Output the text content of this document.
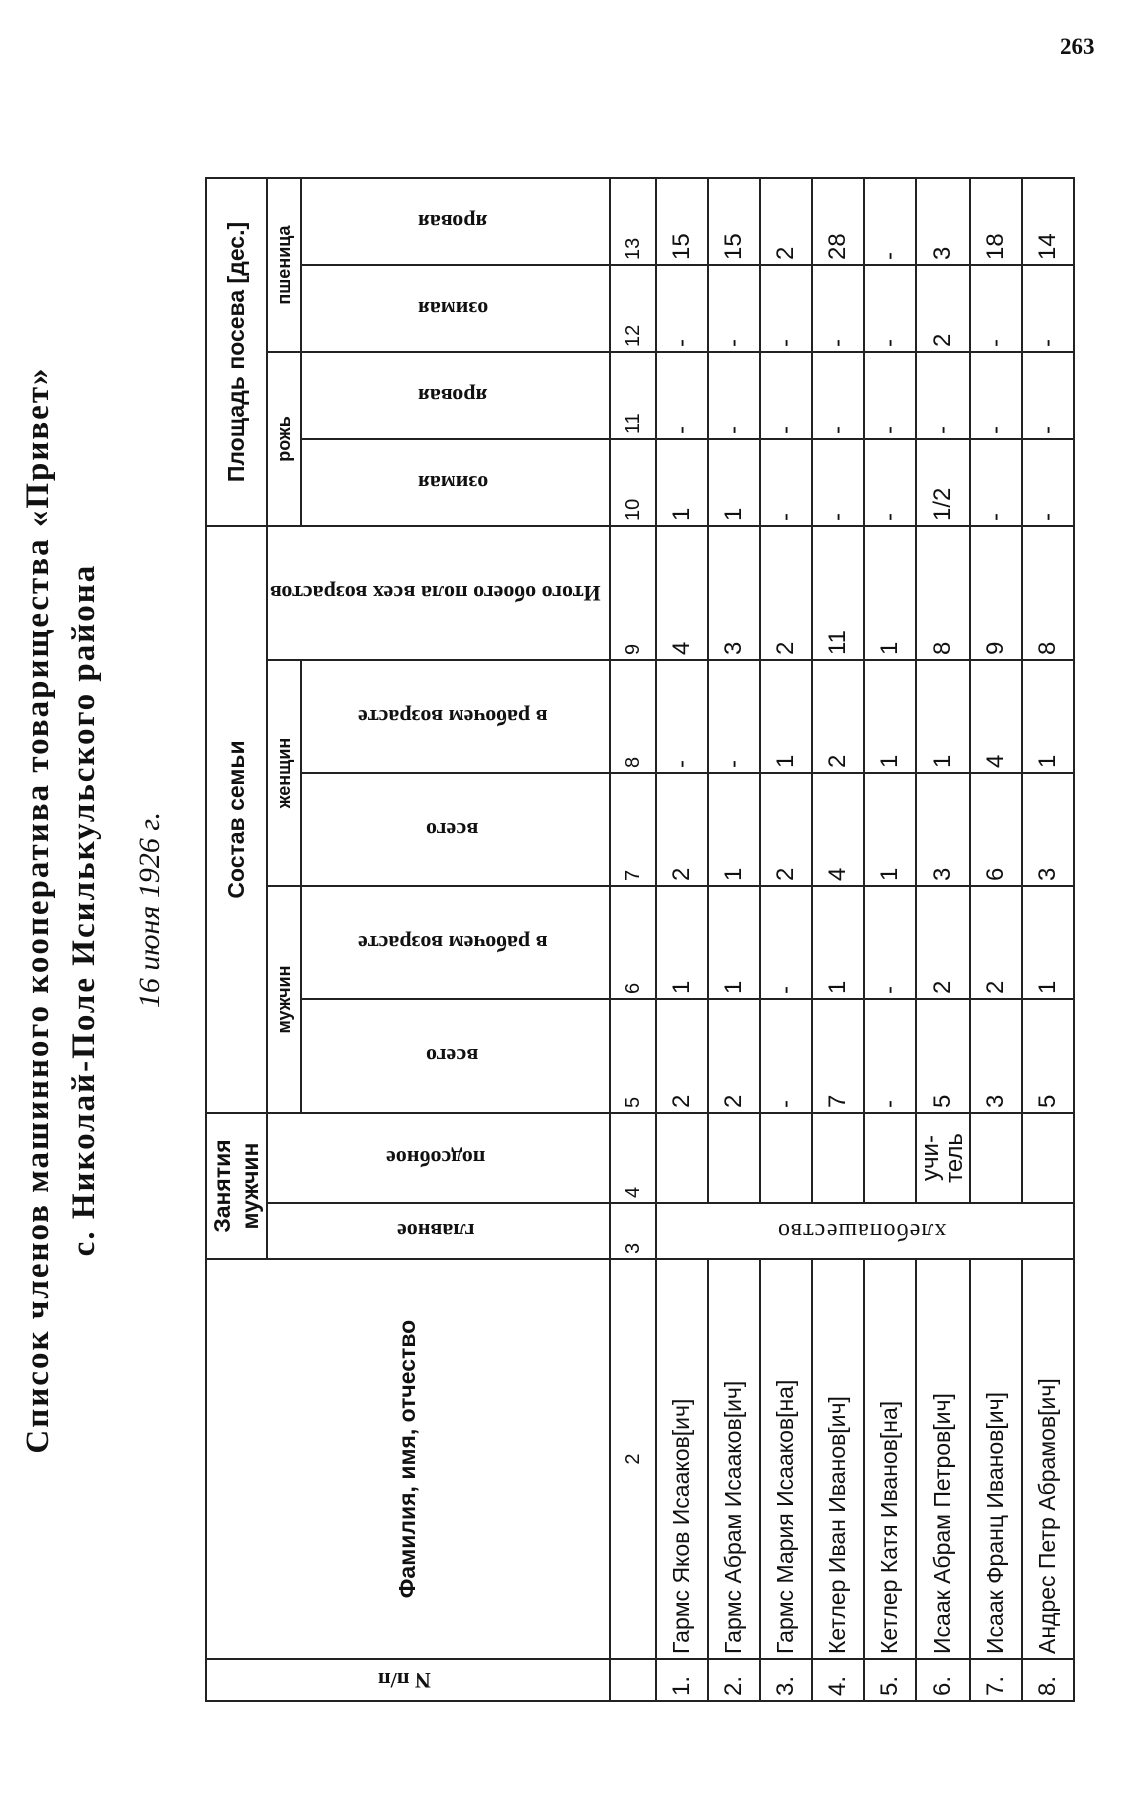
263
Список членов машинного кооператива товарищества «Привет» с. Николай-Поле Исилькульского района 16 июня 1926 г.
N п/п	Фамилия, имя, отчество	Занятия мужчин		Состав семьи					Площадь посева [дес.]			
		главное	подсобное	мужчин		женщин		Итого обоего пола всех возрастов	рожь		пшеница	
				всего	в рабочем возрасте	всего	в рабочем возрасте		озимая	яровая	озимая	яровая
	2	3	4	5	6	7	8	9	10	11	12	13
1.	Гармс Яков Исааков[ич]	хлебопашество		2	1	2	-	4	1	-	-	15
2.	Гармс Абрам Исааков[ич]			2	1	1	-	3	1	-	-	15
3.	Гармс Мария Исааков[на]			-	-	2	1	2	-	-	-	2
4.	Кетлер Иван Иванов[ич]			7	1	4	2	11	-	-	-	28
5.	Кетлер Катя Иванов[на]			-	-	1	1	1	-	-	-	-
6.	Исаак Абрам Петров[ич]		учи- тель	5	2	3	1	8	1/2	-	2	3
7.	Исаак Франц Иванов[ич]			3	2	6	4	9	-	-	-	18
8.	Андрес Петр Абрамов[ич]			5	1	3	1	8	-	-	-	14
